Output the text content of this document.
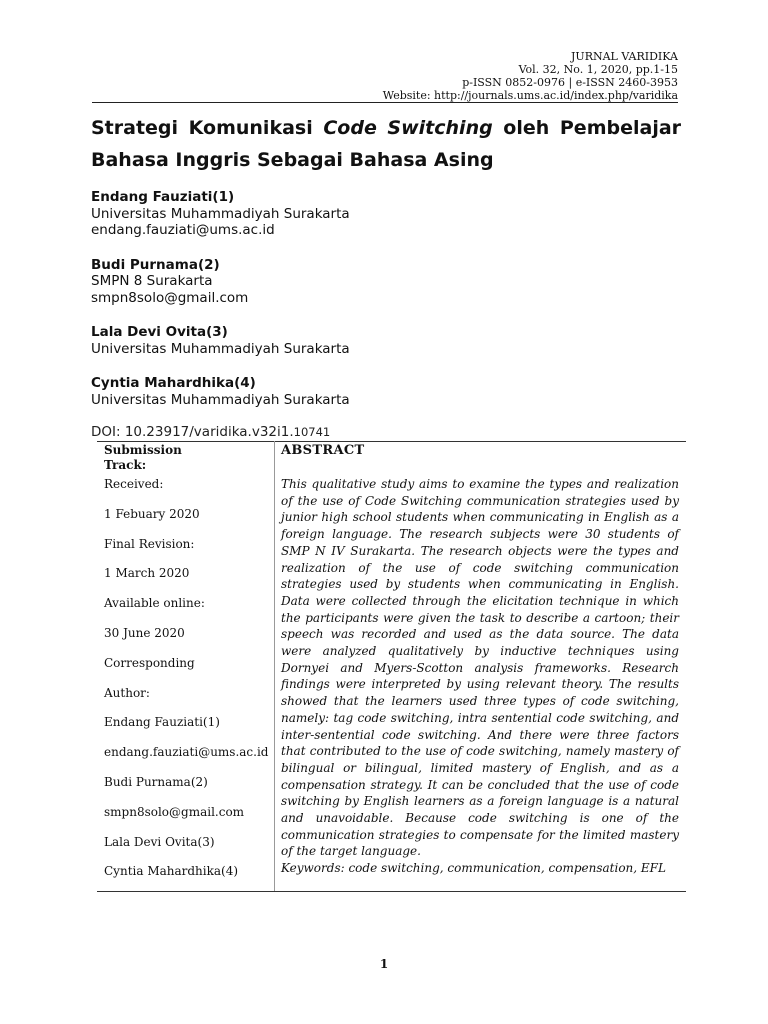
JURNAL VARIDIKA
Vol. 32, No. 1, 2020, pp.1-15
p-ISSN 0852-0976 | e-ISSN 2460-3953
Website: http://journals.ums.ac.id/index.php/varidika
Strategi Komunikasi Code Switching oleh Pembelajar
Bahasa Inggris Sebagai Bahasa Asing
Endang Fauziati(1)
Universitas Muhammadiyah Surakarta
endang.fauziati@ums.ac.id
Budi Purnama(2)
SMPN 8 Surakarta
smpn8solo@gmail.com
Lala Devi Ovita(3)
Universitas Muhammadiyah Surakarta
Cyntia Mahardhika(4)
Universitas Muhammadiyah Surakarta
DOI: 10.23917/varidika.v32i1.10741
Submission
Track:
Received:
1 Febuary 2020
Final Revision:
1 March 2020
Available online:
30 June 2020
Corresponding
Author:
Endang Fauziati(1)
endang.fauziati@ums.ac.id
Budi Purnama(2)
smpn8solo@gmail.com
Lala Devi Ovita(3)
Cyntia Mahardhika(4)
ABSTRACT
This qualitative study aims to examine the types and realization of the use of Code Switching communication strategies used by junior high school students when communicating in English as a foreign language. The research subjects were 30 students of SMP N IV Surakarta. The research objects were the types and realization of the use of code switching communication strategies used by students when communicating in English. Data were collected through the elicitation technique in which the participants were given the task to describe a cartoon; their speech was recorded and used as the data source. The data were analyzed qualitatively by inductive techniques using Dornyei and Myers-Scotton analysis frameworks. Research findings were interpreted by using relevant theory. The results showed that the learners used three types of code switching, namely: tag code switching, intra sentential code switching, and inter-sentential code switching. And there were three factors that contributed to the use of code switching, namely mastery of bilingual or bilingual, limited mastery of English, and as a compensation strategy. It can be concluded that the use of code switching by English learners as a foreign language is a natural and unavoidable. Because code switching is one of the communication strategies to compensate for the limited mastery of the target language.
Keywords: code switching, communication, compensation, EFL
1
